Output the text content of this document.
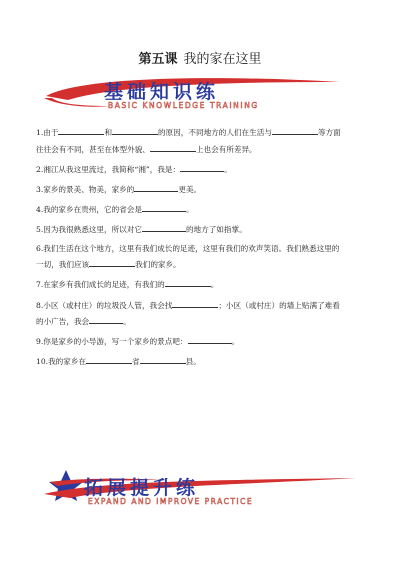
第五课 我的家在这里
基础知识练
BASIC KNOWLEDGE TRAINING
1.由于	和	的原因，不同地方的人们在生活与	等方面
往往会有不同，甚至在体型外貌、	上也会有所差异。
2.湘江从我这里流过，我简称“湘”，我是：	。
3.家乡的景美、物美，家乡的	更美。
4.我的家乡在贵州，它的省会是	。
5.因为我很熟悉这里，所以对它	的地方了如指掌。
6.我们生活在这个地方，这里有我们成长的足迹，这里有我们的欢声笑语。我们熟悉这里的
一切，我们应该	我们的家乡。
7.在家乡有我们成长的足迹，有我们的	。
8.小区（或村庄）的垃圾没人管，我会找	；小区（或村庄）的墙上贴满了难看
的小广告，我会	。
9.你是家乡的小导游，写一个家乡的景点吧：	。
10.我的家乡在	省	县。
拓展提升练
EXPAND AND IMPROVE PRACTICE
